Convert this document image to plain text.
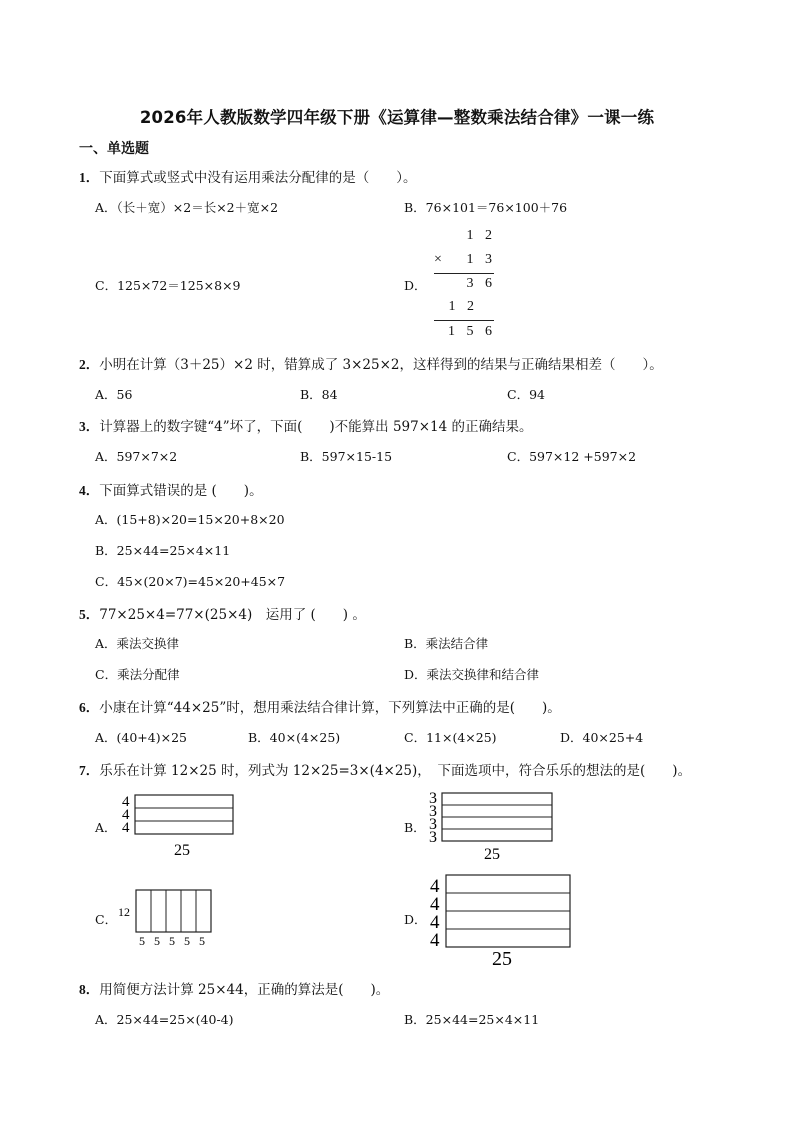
2026年人教版数学四年级下册《运算律—整数乘法结合律》一课一练
一、单选题
1．下面算式或竖式中没有运用乘法分配律的是（　　）。
A．（长＋宽）×2＝长×2＋宽×2	B．76×101＝76×100＋76
C．125×72＝125×8×9	D．
1 2
× 1 3
3 6
1 2
1 5 6
2．小明在计算（3＋25）×2 时，错算成了 3×25×2，这样得到的结果与正确结果相差（　　）。
A．56	B．84	C．94
3．计算器上的数字键“4”坏了，下面(　　)不能算出 597×14 的正确结果。
A．597×7×2	B．597×15-15	C．597×12 +597×2
4．下面算式错误的是 (　　)。
A．(15+8)×20=15×20+8×20
B．25×44=25×4×11
C．45×(20×7)=45×20+45×7
5．77×25×4=77×(25×4)　运用了 (　　) 。
A．乘法交换律	B．乘法结合律
C．乘法分配律	D．乘法交换律和结合律
6．小康在计算“44×25”时，想用乘法结合律计算，下列算法中正确的是(　　)。
A．(40+4)×25	B．40×(4×25)	C．11×(4×25)	D．40×25+4
7．乐乐在计算 12×25 时，列式为 12×25=3×(4×25)，　下面选项中，符合乐乐的想法的是(　　)。
A．
4
4
4
25
B．
3
3
3
3
25
C． 12
5 5 5 5 5
D．
4
4
4
4
25
8．用简便方法计算 25×44，正确的算法是(　　)。
A．25×44=25×(40-4)	B．25×44=25×4×11
